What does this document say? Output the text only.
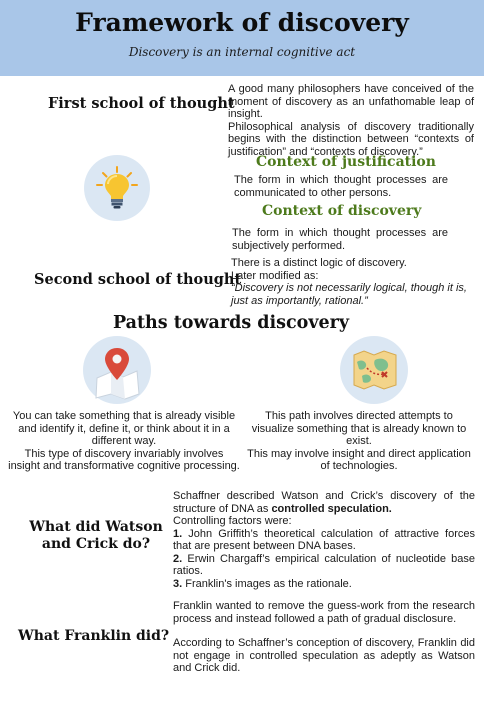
Framework of discovery
Discovery is an internal cognitive act
First school of thought

A good many philosophers have conceived of the moment of discovery as an unfathomable leap of insight.

Philosophical analysis of discovery traditionally begins with the distinction between “contexts of justification” and “contexts of discovery.”

Context of justification
The form in which thought processes are communicated to other persons.
Context of discovery
The form in which thought processes are subjectively performed.
Second school of thought

There is a distinct logic of discovery.

Later modified as:

“Discovery is not necessarily logical, though it is, just as importantly, rational.”

Paths towards discovery

You can take something that is already visible and identify it, define it, or think about it in a different way.

This type of discovery invariably involves insight and transformative cognitive processing.

This path involves directed attempts to visualize something that is already known to exist.

This may involve insight and direct application of technologies.

What did Watson
and Crick do?

Schaffner described Watson and Crick’s discovery of the structure of DNA as controlled speculation.

Controlling factors were:

1. John Griffith’s theoretical calculation of attractive forces that are present between DNA bases.

2. Erwin Chargaff’s empirical calculation of nucleotide base ratios.

3. Franklin's images as the rationale.

What Franklin did?

Franklin wanted to remove the guess-work from the research process and instead followed a path of gradual disclosure.

According to Schaffner’s conception of discovery, Franklin did not engage in controlled speculation as adeptly as Watson and Crick did.
